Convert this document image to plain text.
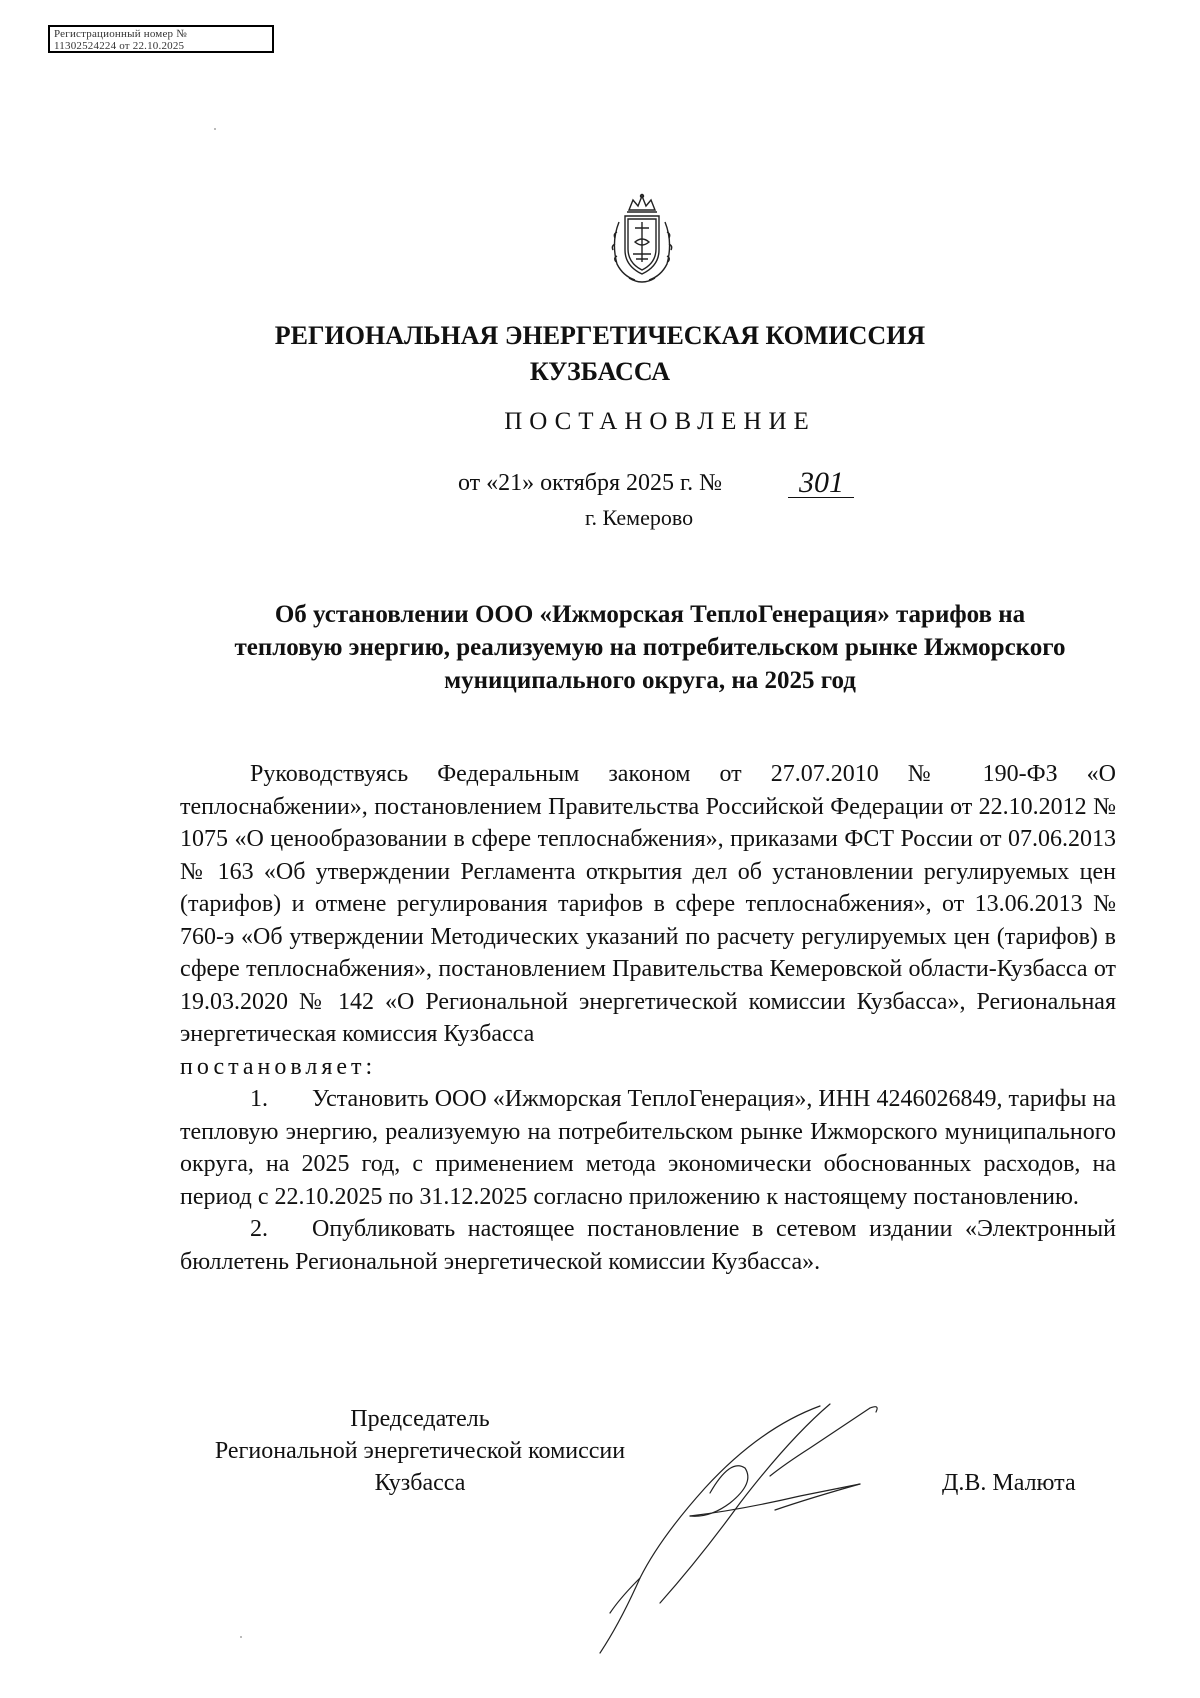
Регистрационный номер №
11302524224 от 22.10.2025
РЕГИОНАЛЬНАЯ ЭНЕРГЕТИЧЕСКАЯ КОМИССИЯ
КУЗБАССА
ПОСТАНОВЛЕНИЕ
от «21» октября 2025 г. №	301
г. Кемерово
Об установлении ООО «Ижморская ТеплоГенерация» тарифов на
тепловую энергию, реализуемую на потребительском рынке Ижморского
муниципального округа, на 2025 год

Руководствуясь Федеральным законом от 27.07.2010 № 190-ФЗ «О теплоснабжении», постановлением Правительства Российской Федерации от 22.10.2012 № 1075 «О ценообразовании в сфере теплоснабжения», приказами ФСТ России от 07.06.2013 № 163 «Об утверждении Регламента открытия дел об установлении регулируемых цен (тарифов) и отмене регулирования тарифов в сфере теплоснабжения», от 13.06.2013 № 760-э «Об утверждении Методических указаний по расчету регулируемых цен (тарифов) в сфере теплоснабжения», постановлением Правительства Кемеровской области-Кузбасса от 19.03.2020 № 142 «О Региональной энергетической комиссии Кузбасса», Региональная энергетическая комиссия Кузбасса

постановляет:

1. Установить ООО «Ижморская ТеплоГенерация», ИНН 4246026849, тарифы на тепловую энергию, реализуемую на потребительском рынке Ижморского муниципального округа, на 2025 год, с применением метода экономически обоснованных расходов, на период с 22.10.2025 по 31.12.2025 согласно приложению к настоящему постановлению.

2. Опубликовать настоящее постановление в сетевом издании «Электронный бюллетень Региональной энергетической комиссии Кузбасса».

Председатель
Региональной энергетической комиссии
Кузбасса	Д.В. Малюта
